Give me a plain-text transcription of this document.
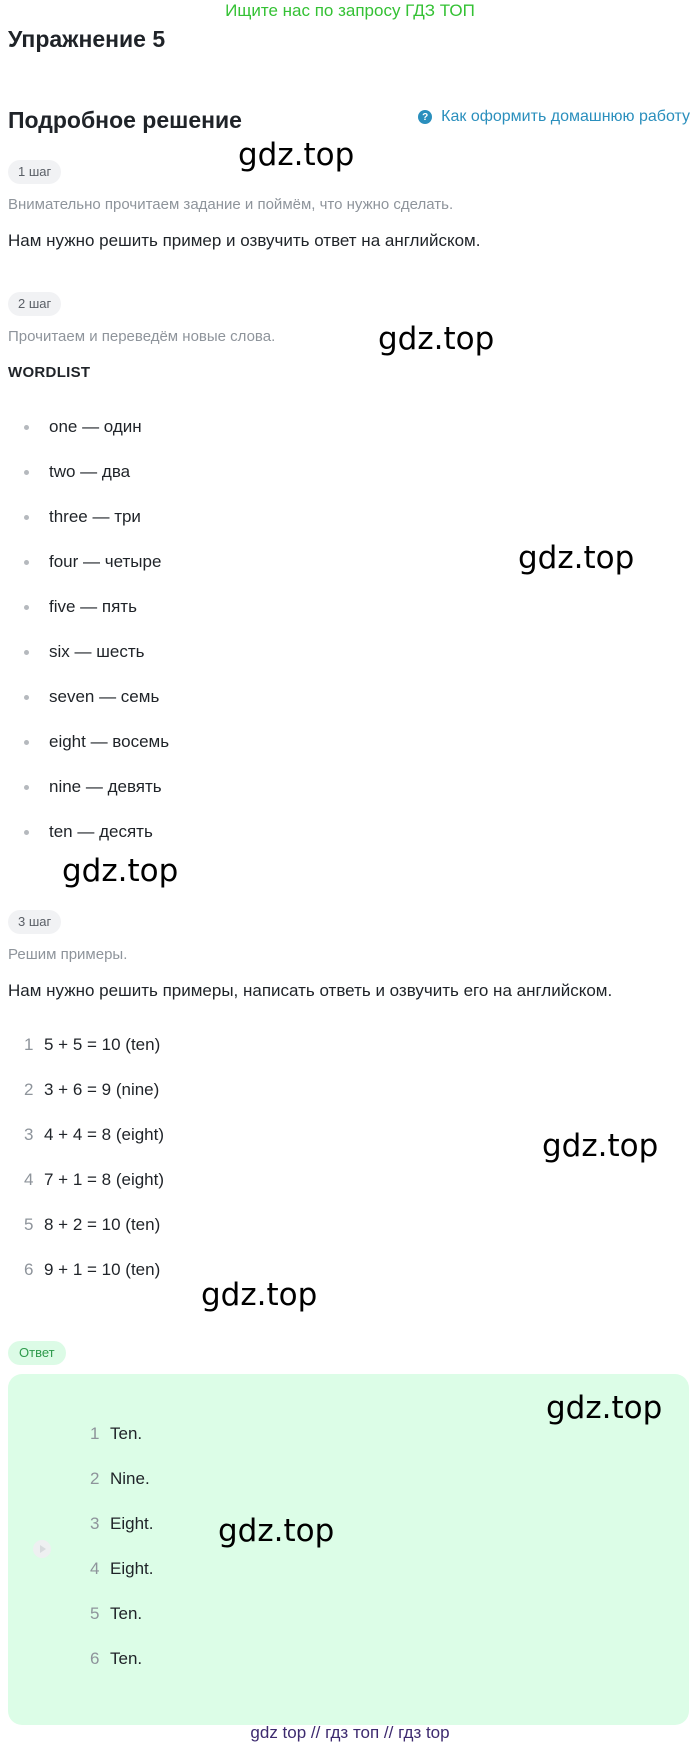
Ищите нас по запросу ГДЗ ТОП
Упражнение 5
Подробное решение	? Как оформить домашнюю работу
gdz.top
1 шаг
Внимательно прочитаем задание и поймём, что нужно сделать.
Нам нужно решить пример и озвучить ответ на английском.
2 шаг
Прочитаем и переведём новые слова.	gdz.top
WORDLIST
one — один
two — два
three — три
four — четыре
five — пять
six — шесть
seven — семь
eight — восемь
nine — девять
ten — десять
gdz.top
gdz.top
3 шаг
Решим примеры.
Нам нужно решить примеры, написать ответь и озвучить его на английском.
1 5 + 5 = 10 (ten)
2 3 + 6 = 9 (nine)
3 4 + 4 = 8 (eight)
4 7 + 1 = 8 (eight)
5 8 + 2 = 10 (ten)
6 9 + 1 = 10 (ten)
gdz.top
gdz.top
Ответ
1 Ten.
2 Nine.
3 Eight.
4 Eight.
5 Ten.
6 Ten.
gdz.top
gdz.top
gdz top // гдз топ // гдз top
